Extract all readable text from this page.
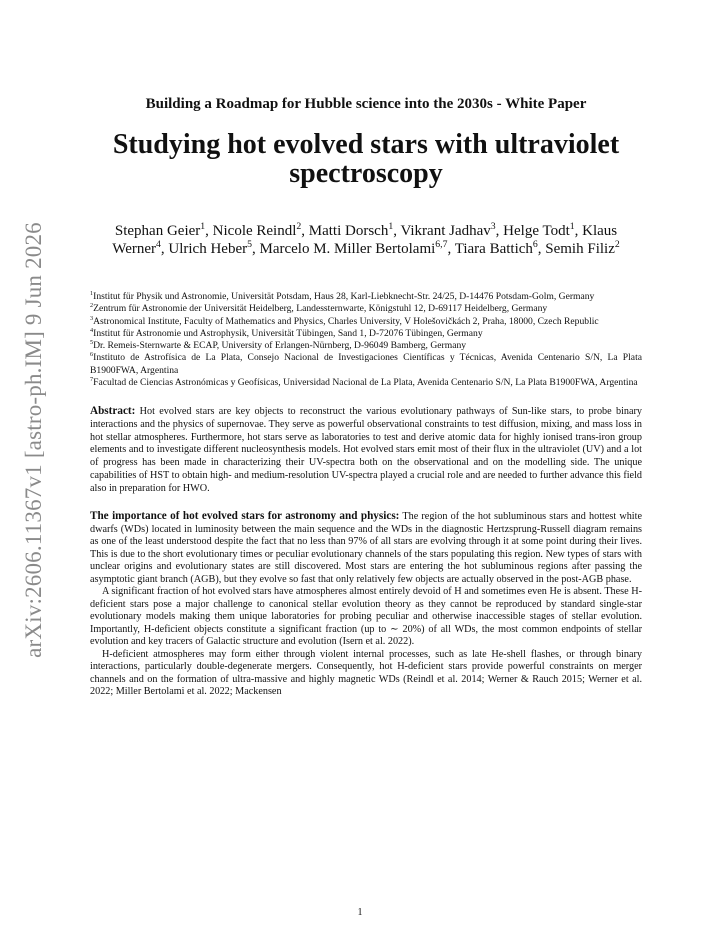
arXiv:2606.11367v1 [astro-ph.IM] 9 Jun 2026
Building a Roadmap for Hubble science into the 2030s - White Paper
Studying hot evolved stars with ultraviolet spectroscopy
Stephan Geier$^1$, Nicole Reindl$^2$, Matti Dorsch$^1$, Vikrant Jadhav$^3$, Helge Todt$^1$, Klaus Werner$^4$, Ulrich Heber$^5$, Marcelo M. Miller Bertolami$^{6,7}$, Tiara Battich$^6$, Semih Filiz$^2$

$^1$Institut für Physik und Astronomie, Universität Potsdam, Haus 28, Karl-Liebknecht-Str. 24/25, D-14476 Potsdam-Golm, Germany

$^2$Zentrum für Astronomie der Universität Heidelberg, Landessternwarte, Königstuhl 12, D-69117 Heidelberg, Germany

$^3$Astronomical Institute, Faculty of Mathematics and Physics, Charles University, V Holešovičkách 2, Praha, 18000, Czech Republic

$^4$Institut für Astronomie und Astrophysik, Universität Tübingen, Sand 1, D-72076 Tübingen, Germany

$^5$Dr. Remeis-Sternwarte & ECAP, University of Erlangen-Nürnberg, D-96049 Bamberg, Germany

$^6$Instituto de Astrofísica de La Plata, Consejo Nacional de Investigaciones Científicas y Técnicas, Avenida Centenario S/N, La Plata B1900FWA, Argentina

$^7$Facultad de Ciencias Astronómicas y Geofísicas, Universidad Nacional de La Plata, Avenida Centenario S/N, La Plata B1900FWA, Argentina

Abstract: Hot evolved stars are key objects to reconstruct the various evolutionary pathways of Sun-like stars, to probe binary interactions and the physics of supernovae. They serve as powerful observational constraints to test diffusion, mixing, and mass loss in hot stellar atmospheres. Furthermore, hot stars serve as laboratories to test and derive atomic data for highly ionised trans-iron group elements and to investigate different nucleosynthesis models. Hot evolved stars emit most of their flux in the ultraviolet (UV) and a lot of progress has been made in characterizing their UV-spectra both on the observational and on the modelling side. The unique capabilities of HST to obtain high- and medium-resolution UV-spectra played a crucial role and are needed to further advance this field also in preparation for HWO.

The importance of hot evolved stars for astronomy and physics: The region of the hot subluminous stars and hottest white dwarfs (WDs) located in luminosity between the main sequence and the WDs in the diagnostic Hertzsprung-Russell diagram remains as one of the least understood despite the fact that no less than 97% of all stars are evolving through it at some point during their lives. This is due to the short evolutionary times or peculiar evolutionary channels of the stars populating this region. New types of stars with unclear origins and evolutionary states are still discovered. Most stars are entering the hot subluminous regions after passing the asymptotic giant branch (AGB), but they evolve so fast that only relatively few objects are actually observed in the post-AGB phase.

A significant fraction of hot evolved stars have atmospheres almost entirely devoid of H and sometimes even He is absent. These H-deficient stars pose a major challenge to canonical stellar evolution theory as they cannot be reproduced by standard single-star evolutionary models making them unique laboratories for probing peculiar and otherwise inaccessible stages of stellar evolution. Importantly, H-deficient objects constitute a significant fraction (up to ∼ 20%) of all WDs, the most common endpoints of stellar evolution and key tracers of Galactic structure and evolution (Isern et al. 2022).

H-deficient atmospheres may form either through violent internal processes, such as late He-shell flashes, or through binary interactions, particularly double-degenerate mergers. Consequently, hot H-deficient stars provide powerful constraints on merger channels and on the formation of ultra-massive and highly magnetic WDs (Reindl et al. 2014; Werner & Rauch 2015; Werner et al. 2022; Miller Bertolami et al. 2022; Mackensen

1
